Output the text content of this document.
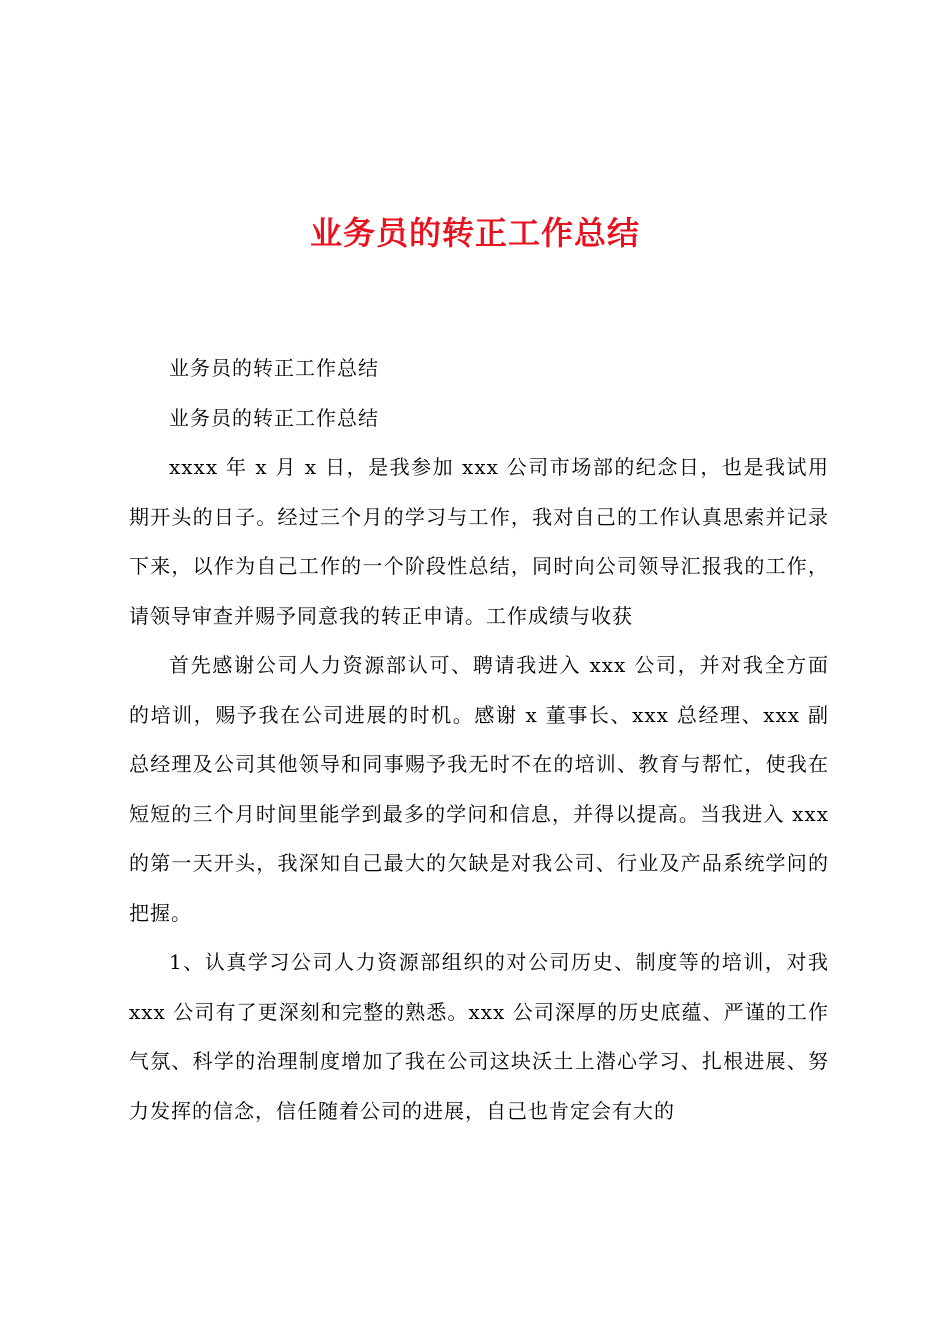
业务员的转正工作总结

业务员的转正工作总结

业务员的转正工作总结

xxxx 年 x 月 x 日，是我参加 xxx 公司市场部的纪念日，也是我试用期开头的日子。经过三个月的学习与工作，我对自己的工作认真思索并记录下来，以作为自己工作的一个阶段性总结，同时向公司领导汇报我的工作，请领导审查并赐予同意我的转正申请。工作成绩与收获

首先感谢公司人力资源部认可、聘请我进入 xxx 公司，并对我全方面的培训，赐予我在公司进展的时机。感谢 x 董事长、xxx 总经理、xxx 副总经理及公司其他领导和同事赐予我无时不在的培训、教育与帮忙，使我在短短的三个月时间里能学到最多的学问和信息，并得以提高。当我进入 xxx 的第一天开头，我深知自己最大的欠缺是对我公司、行业及产品系统学问的把握。

1、认真学习公司人力资源部组织的对公司历史、制度等的培训，对我 xxx 公司有了更深刻和完整的熟悉。xxx 公司深厚的历史底蕴、严谨的工作气氛、科学的治理制度增加了我在公司这块沃土上潜心学习、扎根进展、努力发挥的信念，信任随着公司的进展，自己也肯定会有大的
